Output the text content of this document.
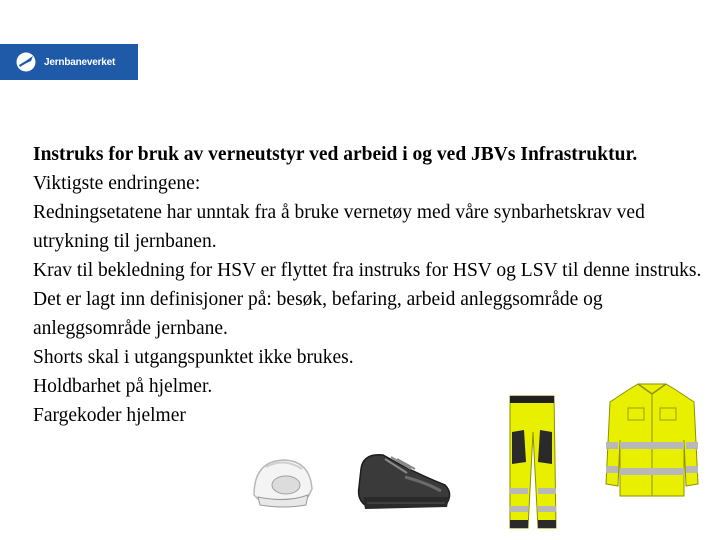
Jernbaneverket
Instruks for bruk av verneutstyr ved arbeid i og ved JBVs Infrastruktur.
Viktigste endringene:
Redningsetatene har unntak fra å bruke vernetøy med våre synbarhetskrav ved utrykning til jernbanen.
Krav til bekledning for HSV er flyttet fra instruks for HSV og LSV til denne instruks.
Det er lagt inn definisjoner på: besøk, befaring, arbeid anleggsområde og anleggsområde jernbane.
Shorts skal i utgangspunktet ikke brukes.
Holdbarhet på hjelmer.
Fargekoder hjelmer
